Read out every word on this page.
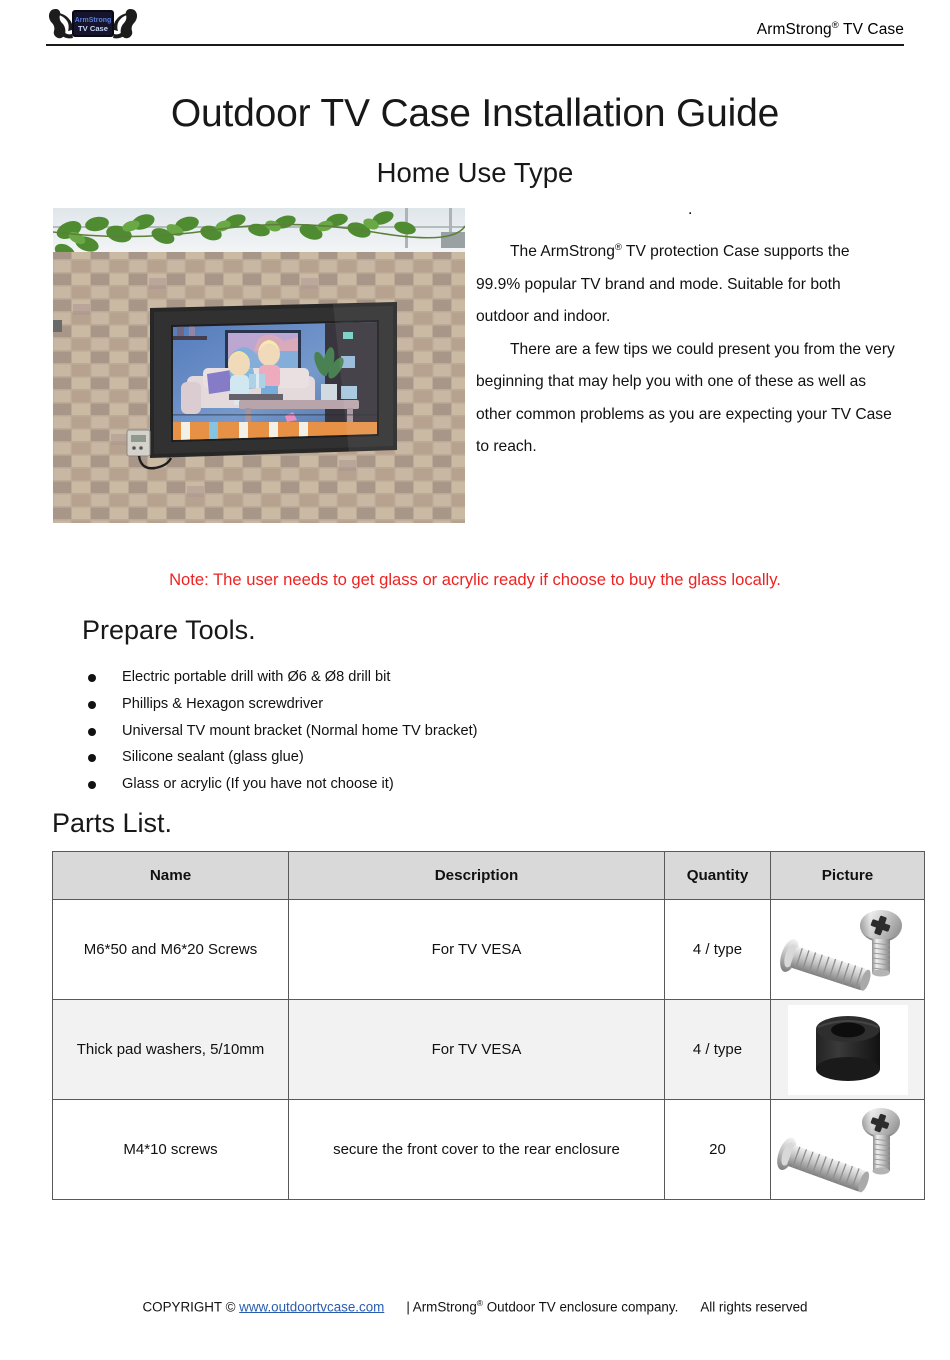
ArmStrong
TV Case	ArmStrong® TV Case
Outdoor TV Case Installation Guide
Home Use Type
.

The ArmStrong® TV protection Case supports the 99.9% popular TV brand and mode. Suitable for both outdoor and indoor.

There are a few tips we could present you from the very beginning that may help you with one of these as well as other common problems as you are expecting your TV Case to reach.

Note: The user needs to get glass or acrylic ready if choose to buy the glass locally.
Prepare Tools.
Electric portable drill with Ø6 & Ø8 drill bit
Phillips & Hexagon screwdriver
Universal TV mount bracket (Normal home TV bracket)
Silicone sealant (glass glue)
Glass or acrylic (If you have not choose it)
Parts List.
Name	Description	Quantity	Picture
M6*50 and M6*20 Screws	For TV VESA	4 / type	

Thick pad washers, 5/10mm	For TV VESA	4 / type	

M4*10 screws	secure the front cover to the rear enclosure	20	
COPYRIGHT © www.outdoortvcase.com | ArmStrong® Outdoor TV enclosure company. All rights reserved
